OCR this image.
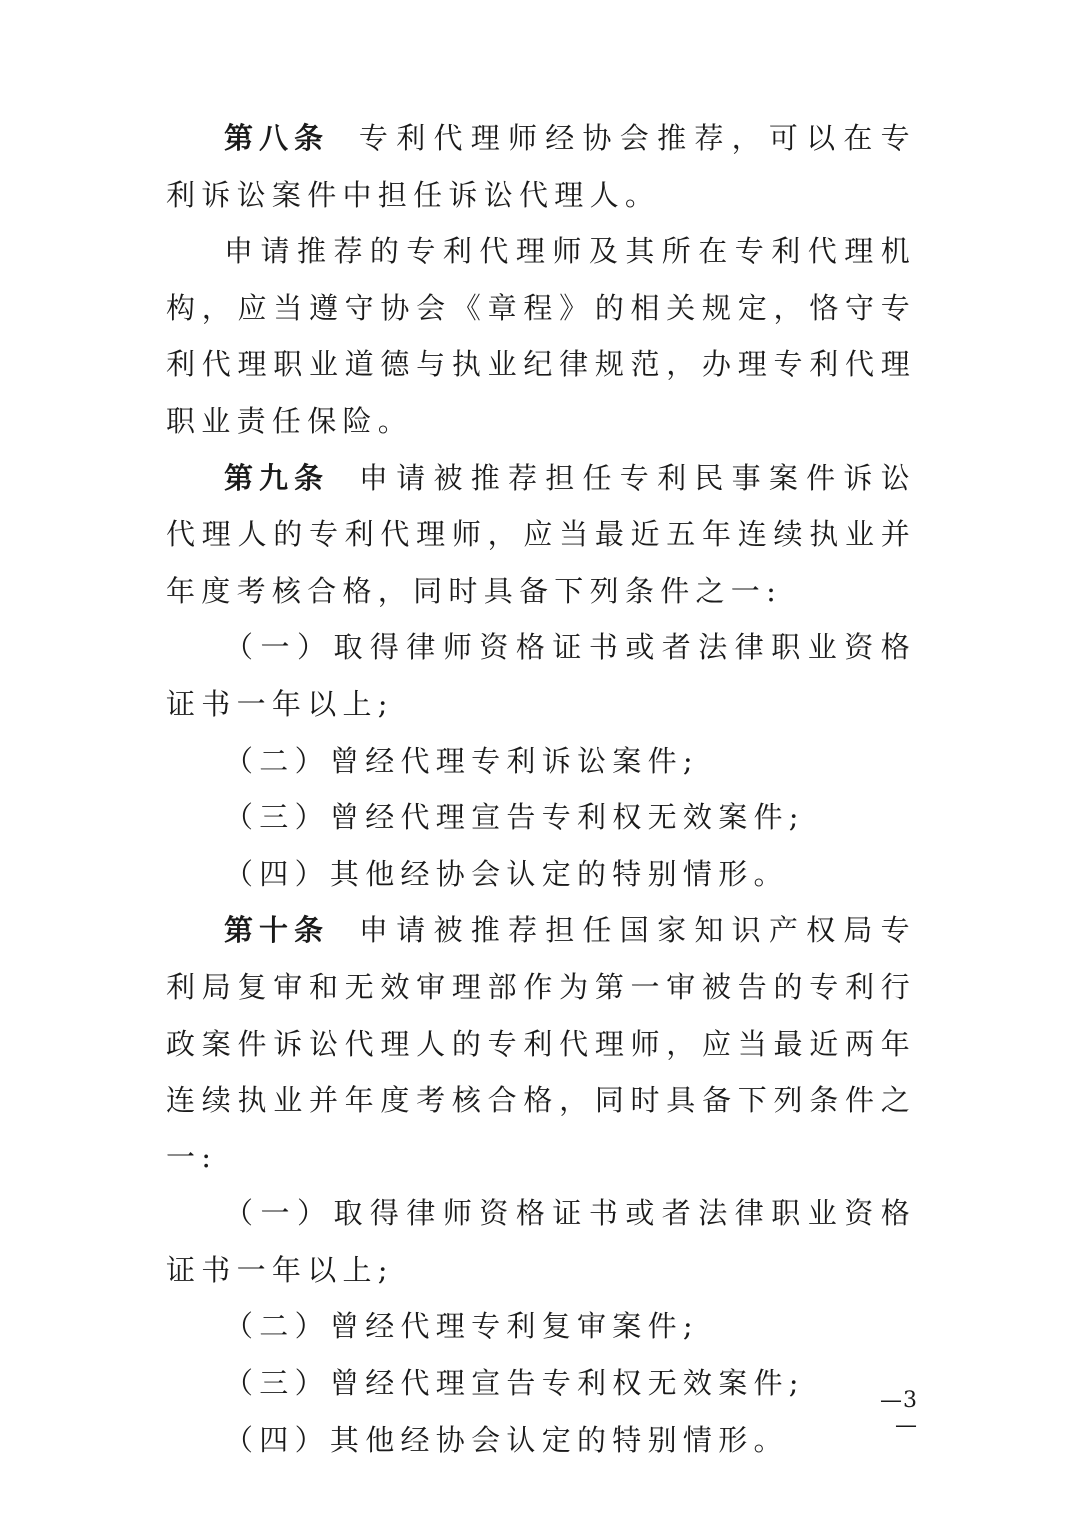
第八条 专利代理师经协会推荐，可以在专利诉讼案件中担任诉讼代理人。

申请推荐的专利代理师及其所在专利代理机构，应当遵守协会《章程》的相关规定，恪守专利代理职业道德与执业纪律规范，办理专利代理职业责任保险。

第九条 申请被推荐担任专利民事案件诉讼代理人的专利代理师，应当最近五年连续执业并年度考核合格，同时具备下列条件之一:

（一）取得律师资格证书或者法律职业资格证书一年以上;

（二）曾经代理专利诉讼案件;

（三）曾经代理宣告专利权无效案件;

（四）其他经协会认定的特别情形。

第十条 申请被推荐担任国家知识产权局专利局复审和无效审理部作为第一审被告的专利行政案件诉讼代理人的专利代理师，应当最近两年连续执业并年度考核合格，同时具备下列条件之一:

（一）取得律师资格证书或者法律职业资格证书一年以上;

（二）曾经代理专利复审案件;

（三）曾经代理宣告专利权无效案件;

（四）其他经协会认定的特别情形。

—3—
